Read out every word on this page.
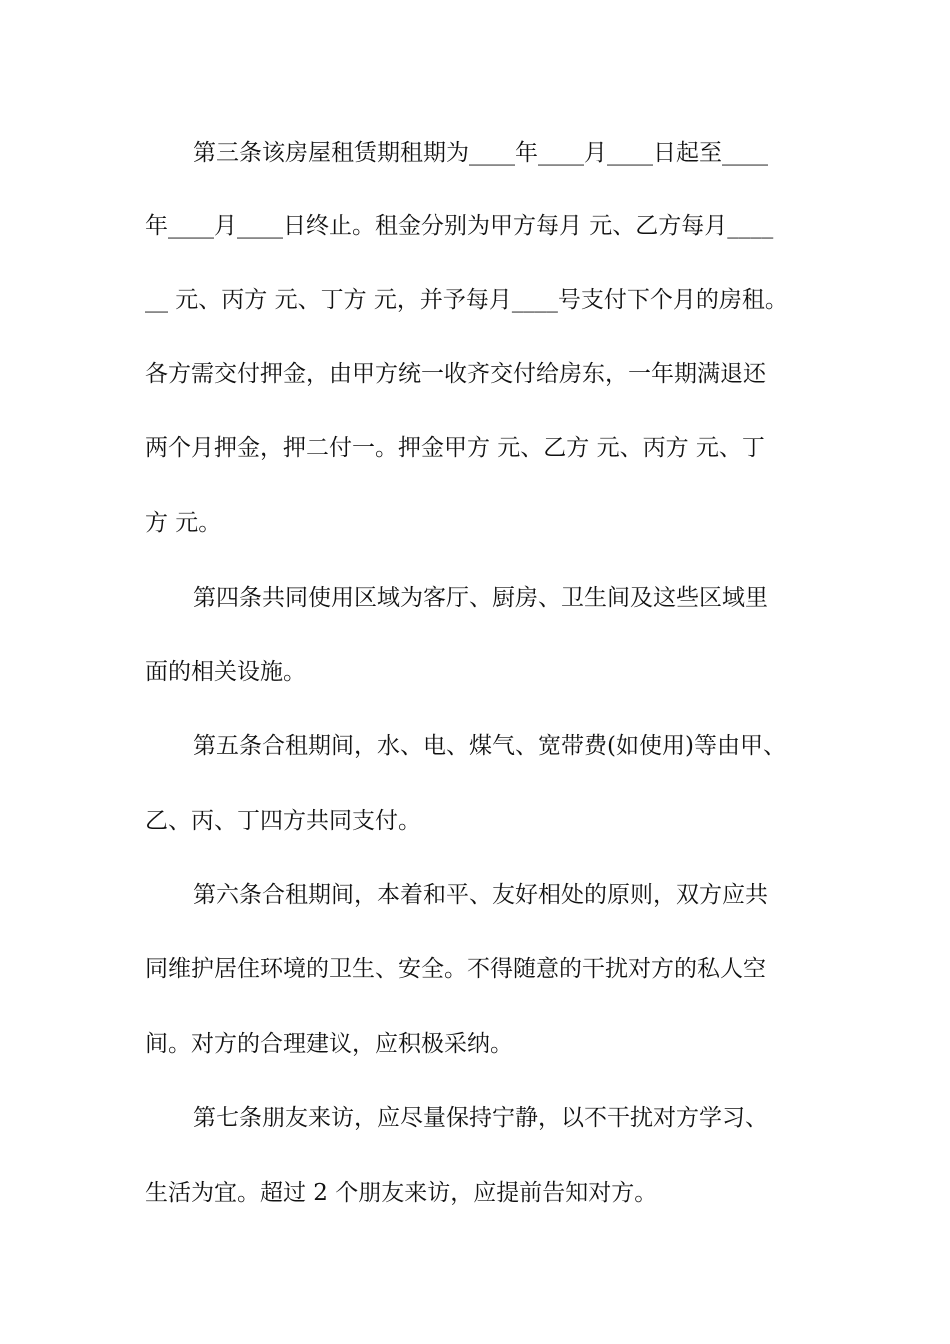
第三条该房屋租赁期租期为____年____月____日起至____
年____月____日终止。租金分别为甲方每月 元、乙方每月____
__ 元、丙方 元、丁方 元，并予每月____号支付下个月的房租。
各方需交付押金，由甲方统一收齐交付给房东，一年期满退还
两个月押金，押二付一。押金甲方 元、乙方 元、丙方 元、丁
方 元。
第四条共同使用区域为客厅、厨房、卫生间及这些区域里
面的相关设施。
第五条合租期间，水、电、煤气、宽带费(如使用)等由甲、
乙、丙、丁四方共同支付。
第六条合租期间，本着和平、友好相处的原则，双方应共
同维护居住环境的卫生、安全。不得随意的干扰对方的私人空
间。对方的合理建议，应积极采纳。
第七条朋友来访，应尽量保持宁静，以不干扰对方学习、
生活为宜。超过 2 个朋友来访，应提前告知对方。
